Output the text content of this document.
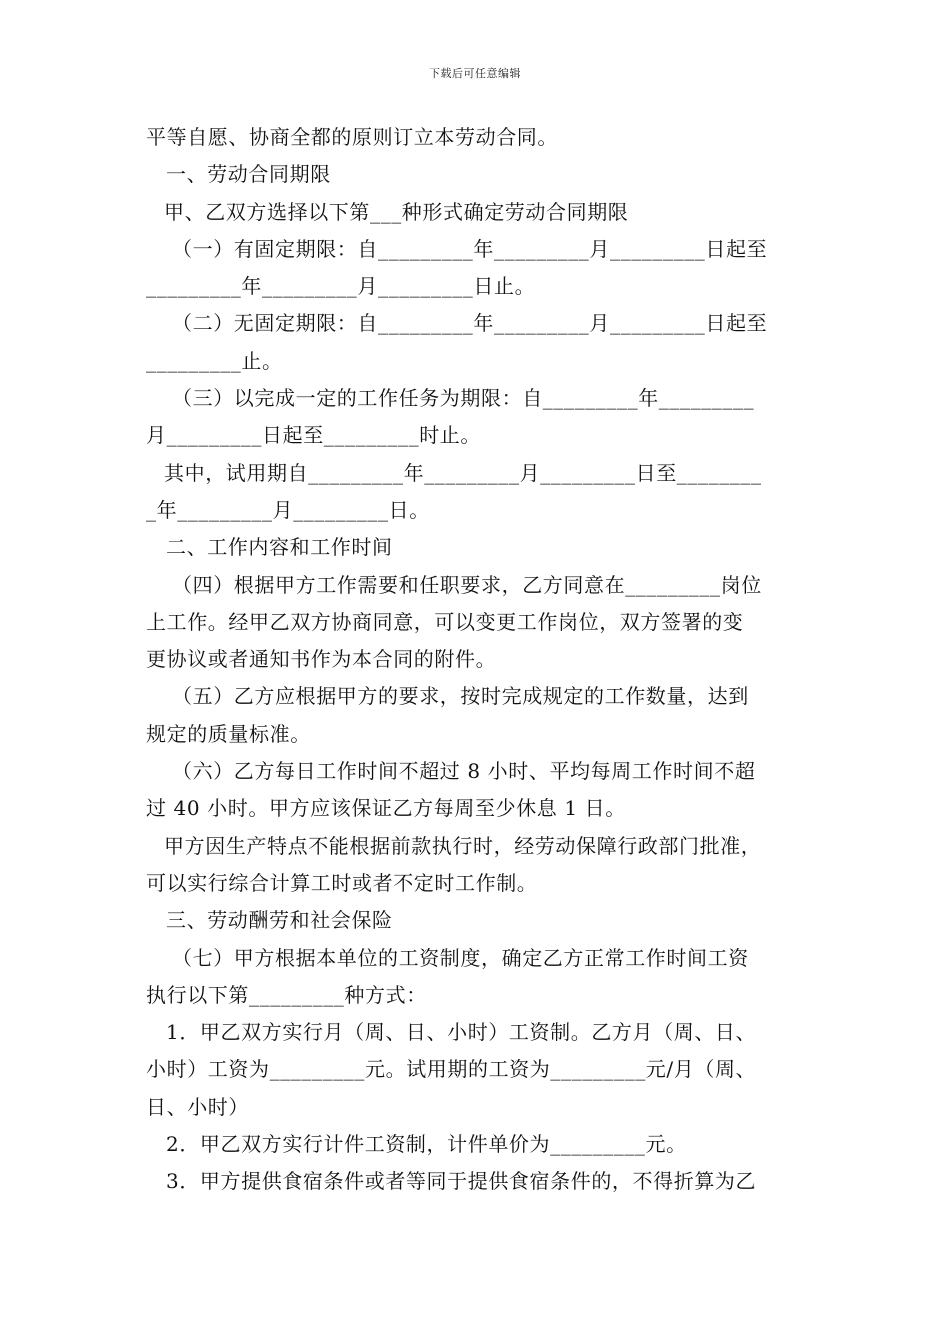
下载后可任意编辑
平等自愿、协商全都的原则订立本劳动合同。
一、劳动合同期限
甲、乙双方选择以下第___种形式确定劳动合同期限
（一）有固定期限：自_________年_________月_________日起至
_________年_________月_________日止。
（二）无固定期限：自_________年_________月_________日起至
_________止。
（三）以完成一定的工作任务为期限：自_________年_________
月_________日起至_________时止。
其中，试用期自_________年_________月_________日至________
_年_________月_________日。
二、工作内容和工作时间
（四）根据甲方工作需要和任职要求，乙方同意在_________岗位
上工作。经甲乙双方协商同意，可以变更工作岗位，双方签署的变
更协议或者通知书作为本合同的附件。
（五）乙方应根据甲方的要求，按时完成规定的工作数量，达到
规定的质量标准。
（六）乙方每日工作时间不超过 8 小时、平均每周工作时间不超
过 40 小时。甲方应该保证乙方每周至少休息 1 日。
甲方因生产特点不能根据前款执行时，经劳动保障行政部门批准，
可以实行综合计算工时或者不定时工作制。
三、劳动酬劳和社会保险
（七）甲方根据本单位的工资制度，确定乙方正常工作时间工资
执行以下第_________种方式：
1．甲乙双方实行月（周、日、小时）工资制。乙方月（周、日、
小时）工资为_________元。试用期的工资为_________元/月（周、
日、小时）
2．甲乙双方实行计件工资制，计件单价为_________元。
3．甲方提供食宿条件或者等同于提供食宿条件的，不得折算为乙
